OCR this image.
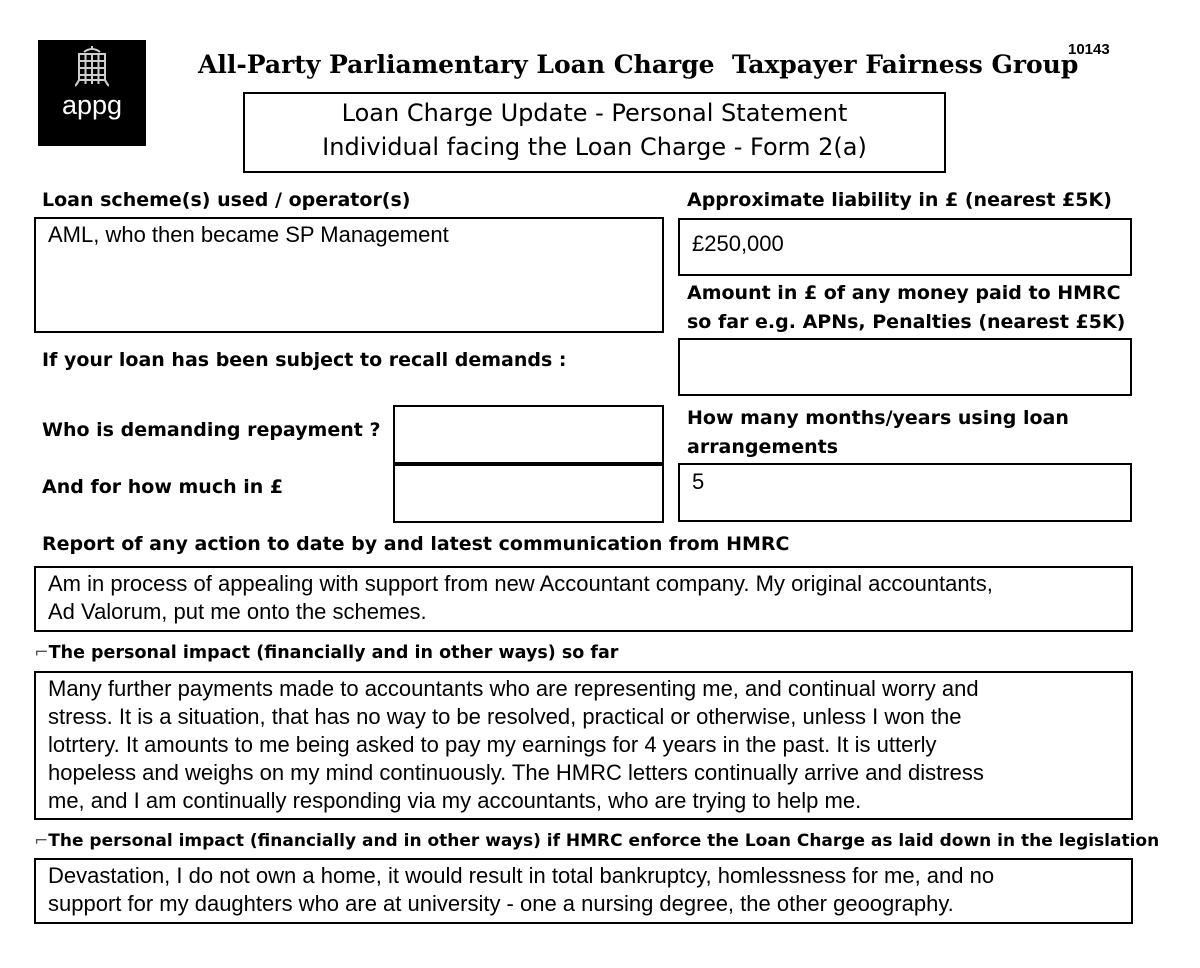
appg
All-Party Parliamentary Loan Charge  Taxpayer Fairness Group
10143
Loan Charge Update - Personal Statement
Individual facing the Loan Charge - Form 2(a)
Loan scheme(s) used / operator(s)
AML, who then became SP Management
Approximate liability in £ (nearest £5K)
£250,000
Amount in £ of any money paid to HMRC
so far e.g. APNs, Penalties (nearest £5K)
If your loan has been subject to recall demands :
Who is demanding repayment ?
And for how much in £
How many months/years using loan
arrangements
5
Report of any action to date by and latest communication from HMRC
Am in process of appealing with support from new Accountant company. My original accountants,
Ad Valorum, put me onto the schemes.
⌐The personal impact (financially and in other ways) so far
Many further payments made to accountants who are representing me, and continual worry and
stress. It is a situation, that has no way to be resolved, practical or otherwise, unless I won the
lotrtery. It amounts to me being asked to pay my earnings for 4 years in the past. It is utterly
hopeless and weighs on my mind continuously. The HMRC letters continually arrive and distress
me, and I am continually responding via my accountants, who are trying to help me.
⌐The personal impact (financially and in other ways) if HMRC enforce the Loan Charge as laid down in the legislation
Devastation, I do not own a home, it would result in total bankruptcy, homlessness for me, and no
support for my daughters who are at university - one a nursing degree, the other geoography.
